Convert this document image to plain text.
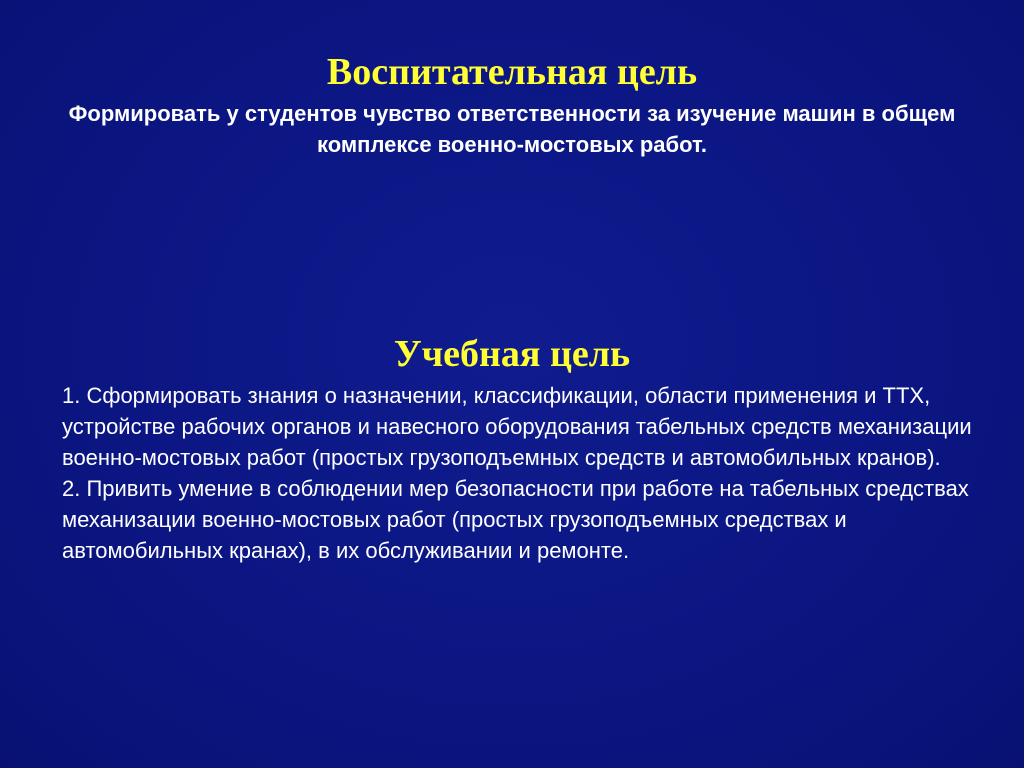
Воспитательная цель

Формировать у студентов чувство ответственности за изучение машин в общем комплексе военно-мостовых работ.

Учебная цель

1. Сформировать знания о назначении, классификации, области применения и ТТХ, устройстве рабочих органов и навесного оборудования табельных средств механизации военно-мостовых работ (простых грузоподъемных средств и автомобильных кранов).

2. Привить умение в соблюдении мер безопасности при работе на табельных средствах механизации военно-мостовых работ (простых грузоподъемных средствах и автомобильных кранах), в их обслуживании и ремонте.
